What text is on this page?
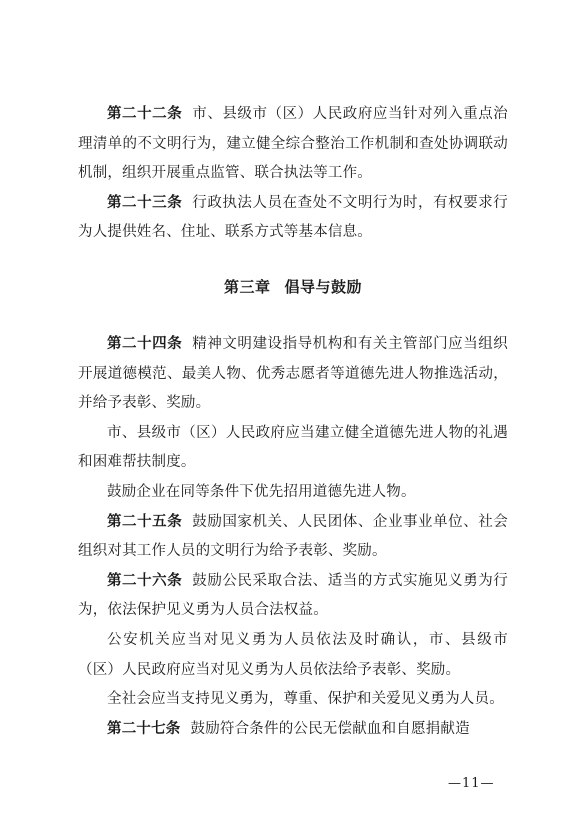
第二十二条 市、县级市（区）人民政府应当针对列入重点治理清单的不文明行为，建立健全综合整治工作机制和查处协调联动机制，组织开展重点监管、联合执法等工作。

第二十三条 行政执法人员在查处不文明行为时，有权要求行为人提供姓名、住址、联系方式等基本信息。

第三章 倡导与鼓励

第二十四条 精神文明建设指导机构和有关主管部门应当组织开展道德模范、最美人物、优秀志愿者等道德先进人物推选活动，并给予表彰、奖励。

市、县级市（区）人民政府应当建立健全道德先进人物的礼遇和困难帮扶制度。

鼓励企业在同等条件下优先招用道德先进人物。

第二十五条 鼓励国家机关、人民团体、企业事业单位、社会组织对其工作人员的文明行为给予表彰、奖励。

第二十六条 鼓励公民采取合法、适当的方式实施见义勇为行为，依法保护见义勇为人员合法权益。

公安机关应当对见义勇为人员依法及时确认，市、县级市（区）人民政府应当对见义勇为人员依法给予表彰、奖励。

全社会应当支持见义勇为，尊重、保护和关爱见义勇为人员。

第二十七条 鼓励符合条件的公民无偿献血和自愿捐献造

—11—
